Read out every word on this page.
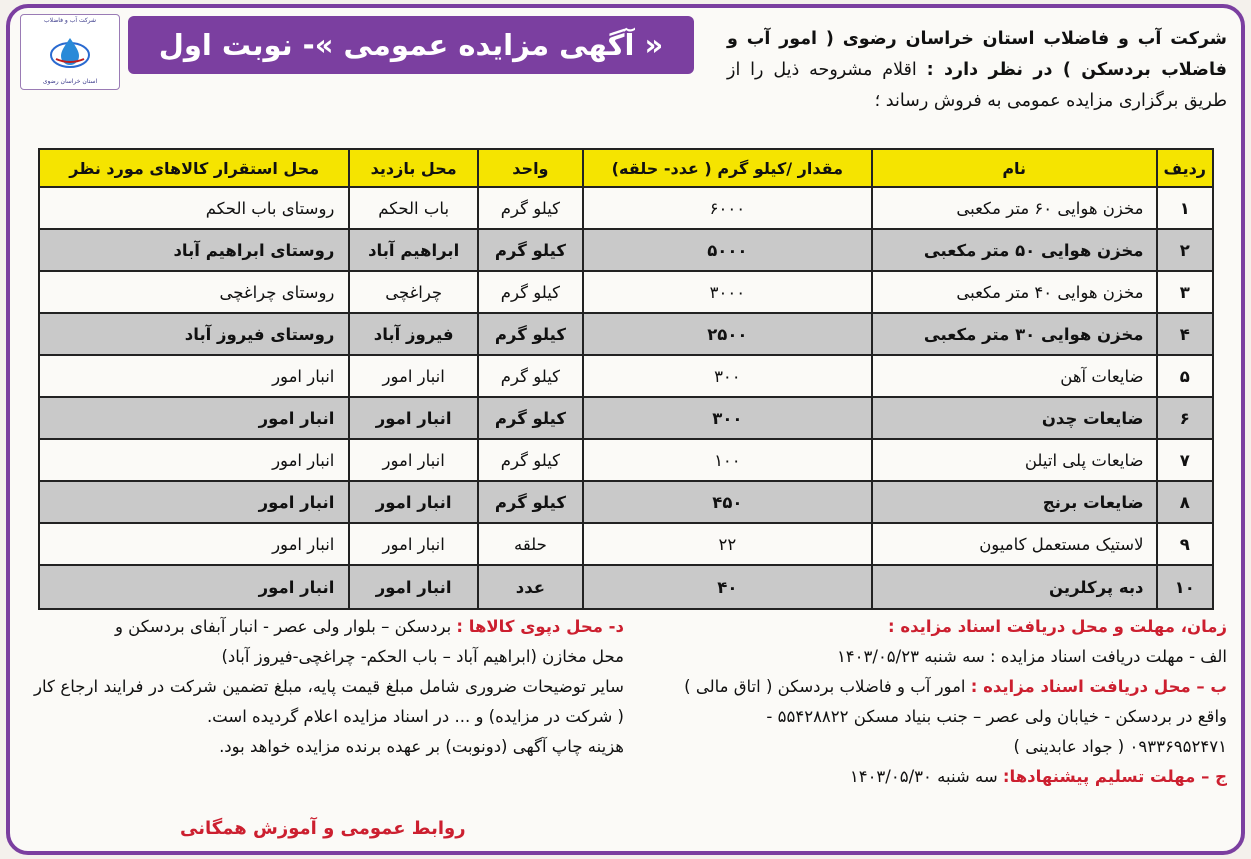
شرکت آب و فاضلاب
استان خراسان رضوی
« آگهی مزایده عمومی »- نوبت اول	شرکت آب و فاضلاب استان خراسان رضوی ( امور آب و فاضلاب بردسکن ) در نظر دارد : اقلام مشروحه ذیل را از طریق برگزاری مزایده عمومی به فروش رساند ؛
ردیف	نام	مقدار /کیلو گرم ( عدد- حلقه)	واحد	محل بازدید	محل استقرار کالاهای مورد نظر
۱	مخزن هوایی ۶۰ متر مکعبی	۶۰۰۰	کیلو گرم	باب الحکم	روستای باب الحکم
۲	مخزن هوایی ۵۰ متر مکعبی	۵۰۰۰	کیلو گرم	ابراهیم آباد	روستای ابراهیم آباد
۳	مخزن هوایی ۴۰ متر مکعبی	۳۰۰۰	کیلو گرم	چراغچی	روستای چراغچی
۴	مخزن هوایی ۳۰ متر مکعبی	۲۵۰۰	کیلو گرم	فیروز آباد	روستای فیروز آباد
۵	ضایعات آهن	۳۰۰	کیلو گرم	انبار امور	انبار امور
۶	ضایعات چدن	۳۰۰	کیلو گرم	انبار امور	انبار امور
۷	ضایعات پلی اتیلن	۱۰۰	کیلو گرم	انبار امور	انبار امور
۸	ضایعات برنج	۴۵۰	کیلو گرم	انبار امور	انبار امور
۹	لاستیک مستعمل کامیون	۲۲	حلقه	انبار امور	انبار امور
۱۰	دبه پرکلرین	۴۰	عدد	انبار امور	انبار امور
زمان، مهلت و محل دریافت اسناد مزایده :
الف - مهلت دریافت اسناد مزایده : سه شنبه ۱۴۰۳/۰۵/۲۳
ب – محل دریافت اسناد مزایده : امور آب و فاضلاب بردسکن ( اتاق مالی )
واقع در بردسکن - خیابان ولی عصر – جنب بنیاد مسکن ۵۵۴۲۸۸۲۲ -
۰۹۳۳۶۹۵۲۴۷۱ ( جواد عابدینی )
ج – مهلت تسلیم پیشنهادها: سه شنبه ۱۴۰۳/۰۵/۳۰
د- محل دپوی کالاها : بردسکن – بلوار ولی عصر - انبار آبفای بردسکن و
محل مخازن (ابراهیم آباد – باب الحکم- چراغچی-فیروز آباد)
سایر توضیحات ضروری شامل مبلغ قیمت پایه، مبلغ تضمین شرکت در فرایند ارجاع کار ( شرکت در مزایده) و ... در اسناد مزایده اعلام گردیده است.
هزینه چاپ آگهی (دونوبت) بر عهده برنده مزایده خواهد بود.
روابط عمومی و آموزش همگانی
